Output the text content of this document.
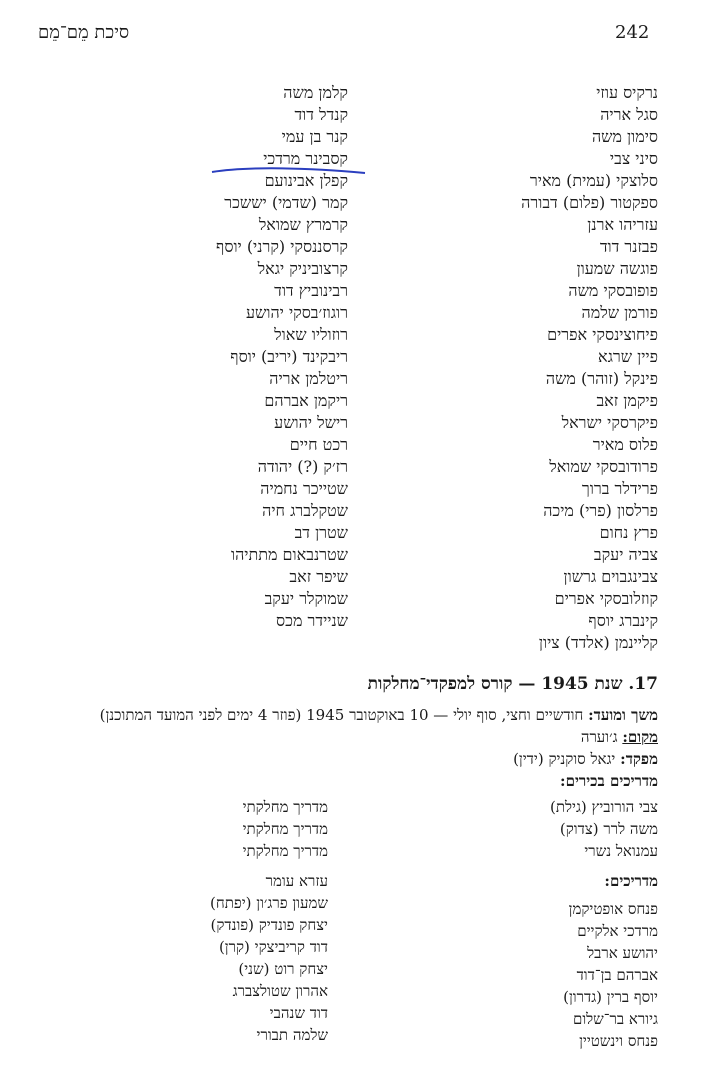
סיכת מֵם־מֵם	242
נרקיס עוזי
סגל אריה
סימון משה
סיני צבי
סלוצקי (עמית) מאיר
ספקטור (פלום) דבורה
עזריהו ארנן
פבזנר דוד
פוגשה שמעון
פופובסקי משה
פורמן שלמה
פיחוצינסקי אפרים
פיין שרגא
פינקל (זוהר) משה
פיקמן זאב
פיקרסקי ישראל
פלוס מאיר
פרודובסקי שמואל
פרידלר ברוך
פרלסון (פרי) מיכה
פרץ נחום
צביה יעקב
צבינגבוים גרשון
קוזלובסקי אפרים
קינברג יוסף
קליינמן (אלדד) ציון
קלמן משה
קנדל דוד
קנר בן עמי
קסבינר מרדכי
קפלן אבינועם
קמר (שדמי) יששכר
קרמרץ שמואל
קרסננסקי (קרני) יוסף
קרצוביניק יגאל
רבינוביץ דוד
רוגוז׳בסקי יהושע
רוזוליו שאול
ריבקינד (יריב) יוסף
ריטלמן אריה
ריקמן אברהם
רישל יהושע
רכט חיים
רז׳ק (?) יהודה
שטייכר נחמיה
שטקלברג חיה
שטרן דב
שטרנבאום מתתיהו
שיפר זאב
שמוקלר יעקב
שניידר מכס
17. שנת 1945 — קורס למפקדי־מחלקות
משך ומועד: חודשיים וחצי, סוף יולי — 10 באוקטובר 1945 (פוזר 4 ימים לפני המועד המתוכנן)
מקום: ג׳וערה
מפקד: יגאל סוקניק (ידין)
מדריכים בכירים:
צבי הורוביץ (גילת)
משה לרר (צדוק)
עמנואל נשרי
מדריך מחלקתי
מדריך מחלקתי
מדריך מחלקתי
מדריכים:
פנחס אופטיקמן
מרדכי אלקיים
יהושע ארבל
אברהם בן־דוד
יוסף ברין (גדרון)
גיורא בר־שלום
פנחס וינשטיין
עזרא עומר
שמעון פרג׳ון (יפתח)
יצחק פונדיק (פונדק)
דוד קריביצקי (קרן)
יצחק רוט (שני)
אהרון שטולצברג
דוד שנהבי
שלמה תבורי
